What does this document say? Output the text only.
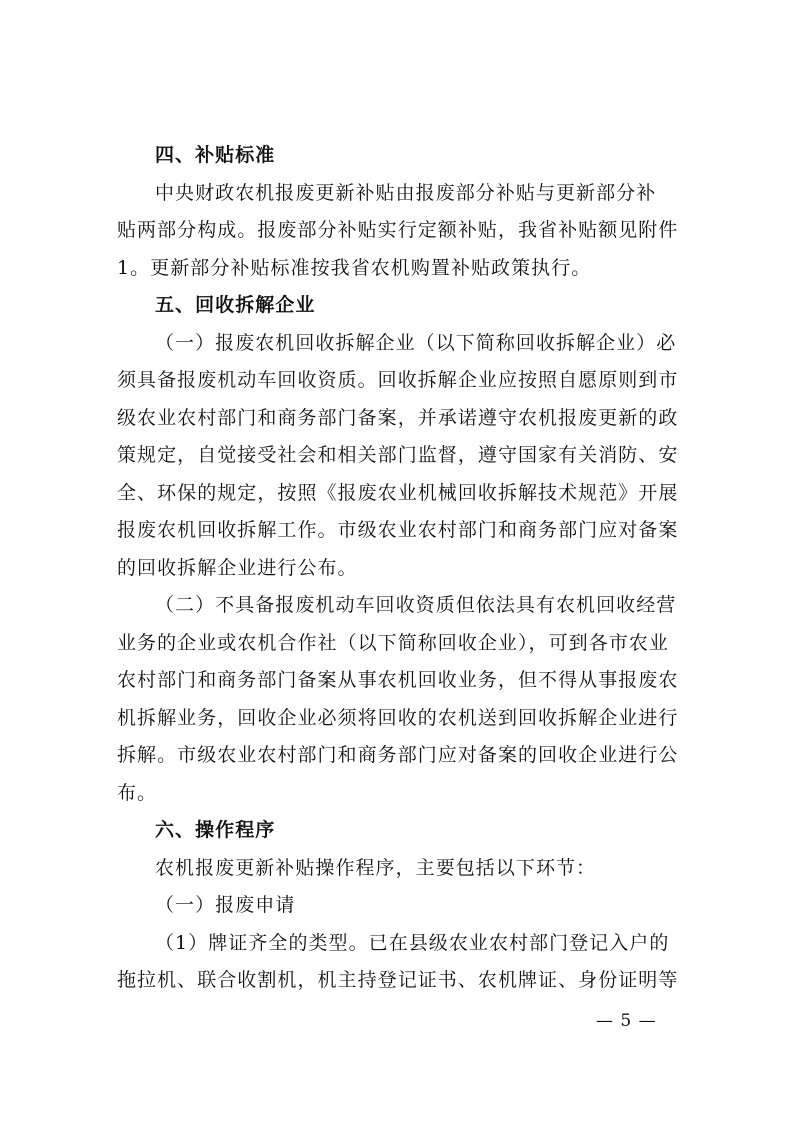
四、补贴标准
中央财政农机报废更新补贴由报废部分补贴与更新部分补
贴两部分构成。报废部分补贴实行定额补贴，我省补贴额见附件
1。更新部分补贴标准按我省农机购置补贴政策执行。
五、回收拆解企业
（一）报废农机回收拆解企业（以下简称回收拆解企业）必
须具备报废机动车回收资质。回收拆解企业应按照自愿原则到市
级农业农村部门和商务部门备案，并承诺遵守农机报废更新的政
策规定，自觉接受社会和相关部门监督，遵守国家有关消防、安
全、环保的规定，按照《报废农业机械回收拆解技术规范》开展
报废农机回收拆解工作。市级农业农村部门和商务部门应对备案
的回收拆解企业进行公布。
（二）不具备报废机动车回收资质但依法具有农机回收经营
业务的企业或农机合作社（以下简称回收企业），可到各市农业
农村部门和商务部门备案从事农机回收业务，但不得从事报废农
机拆解业务，回收企业必须将回收的农机送到回收拆解企业进行
拆解。市级农业农村部门和商务部门应对备案的回收企业进行公
布。
六、操作程序
农机报废更新补贴操作程序，主要包括以下环节：
（一）报废申请
（1）牌证齐全的类型。已在县级农业农村部门登记入户的
拖拉机、联合收割机，机主持登记证书、农机牌证、身份证明等
— 5 —
